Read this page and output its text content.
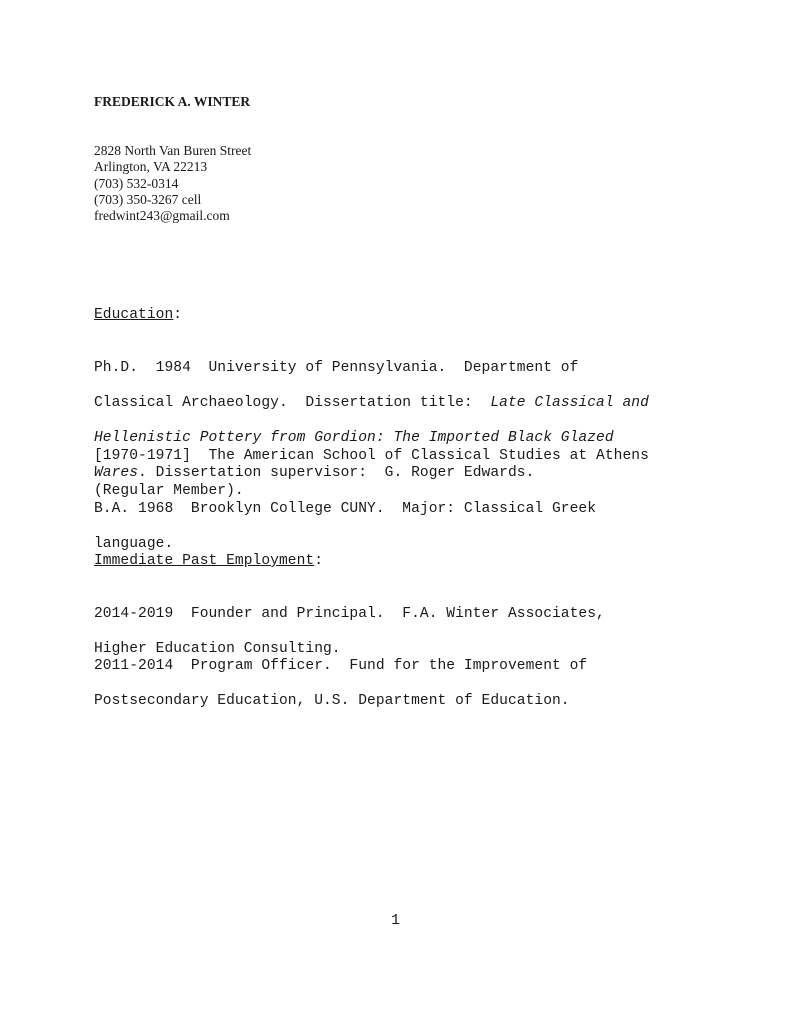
FREDERICK A. WINTER
2828 North Van Buren Street
Arlington, VA 22213
(703) 532-0314
(703) 350-3267 cell
fredwint243@gmail.com
Education:

Ph.D.  1984  University of Pennsylvania.  Department of

Classical Archaeology.  Dissertation title:  Late Classical and

Hellenistic Pottery from Gordion: The Imported Black Glazed

Wares. Dissertation supervisor:  G. Roger Edwards.

[1970-1971]  The American School of Classical Studies at Athens

(Regular Member).

B.A. 1968  Brooklyn College CUNY.  Major: Classical Greek

language.

Immediate Past Employment:

2014-2019  Founder and Principal.  F.A. Winter Associates,

Higher Education Consulting.

2011-2014  Program Officer.  Fund for the Improvement of

Postsecondary Education, U.S. Department of Education.

1
